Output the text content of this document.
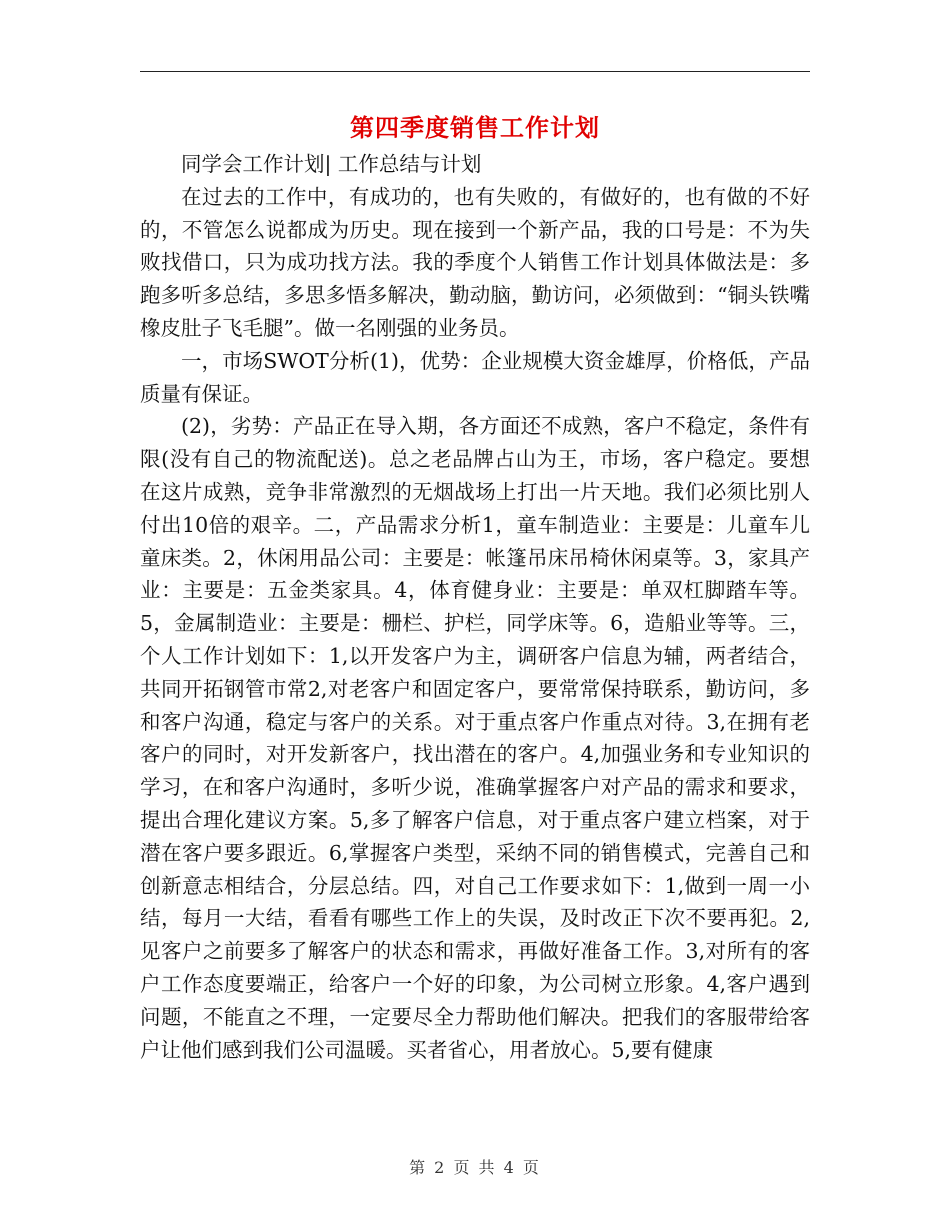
第四季度销售工作计划

同学会工作计划| 工作总结与计划

在过去的工作中，有成功的，也有失败的，有做好的，也有做的不好的，不管怎么说都成为历史。现在接到一个新产品，我的口号是：不为失败找借口，只为成功找方法。我的季度个人销售工作计划具体做法是：多跑多听多总结，多思多悟多解决，勤动脑，勤访问，必须做到：“铜头铁嘴橡皮肚子飞毛腿”。做一名刚强的业务员。

一，市场SWOT分析(1)，优势：企业规模大资金雄厚，价格低，产品质量有保证。

(2)，劣势：产品正在导入期，各方面还不成熟，客户不稳定，条件有限(没有自己的物流配送)。总之老品牌占山为王，市场，客户稳定。要想在这片成熟，竞争非常激烈的无烟战场上打出一片天地。我们必须比别人付出10倍的艰辛。二，产品需求分析1，童车制造业：主要是：儿童车儿童床类。2，休闲用品公司：主要是：帐篷吊床吊椅休闲桌等。3，家具产业：主要是：五金类家具。4，体育健身业：主要是：单双杠脚踏车等。5，金属制造业：主要是：栅栏、护栏，同学床等。6，造船业等等。三，个人工作计划如下：1,以开发客户为主，调研客户信息为辅，两者结合，共同开拓钢管市常2,对老客户和固定客户，要常常保持联系，勤访问，多和客户沟通，稳定与客户的关系。对于重点客户作重点对待。3,在拥有老客户的同时，对开发新客户，找出潜在的客户。4,加强业务和专业知识的学习，在和客户沟通时，多听少说，准确掌握客户对产品的需求和要求，提出合理化建议方案。5,多了解客户信息，对于重点客户建立档案，对于潜在客户要多跟近。6,掌握客户类型，采纳不同的销售模式，完善自己和创新意志相结合，分层总结。四，对自己工作要求如下：1,做到一周一小结，每月一大结，看看有哪些工作上的失误，及时改正下次不要再犯。2,见客户之前要多了解客户的状态和需求，再做好准备工作。3,对所有的客户工作态度要端正，给客户一个好的印象，为公司树立形象。4,客户遇到问题，不能直之不理，一定要尽全力帮助他们解决。把我们的客服带给客户让他们感到我们公司温暖。买者省心，用者放心。5,要有健康

第 2 页 共 4 页
